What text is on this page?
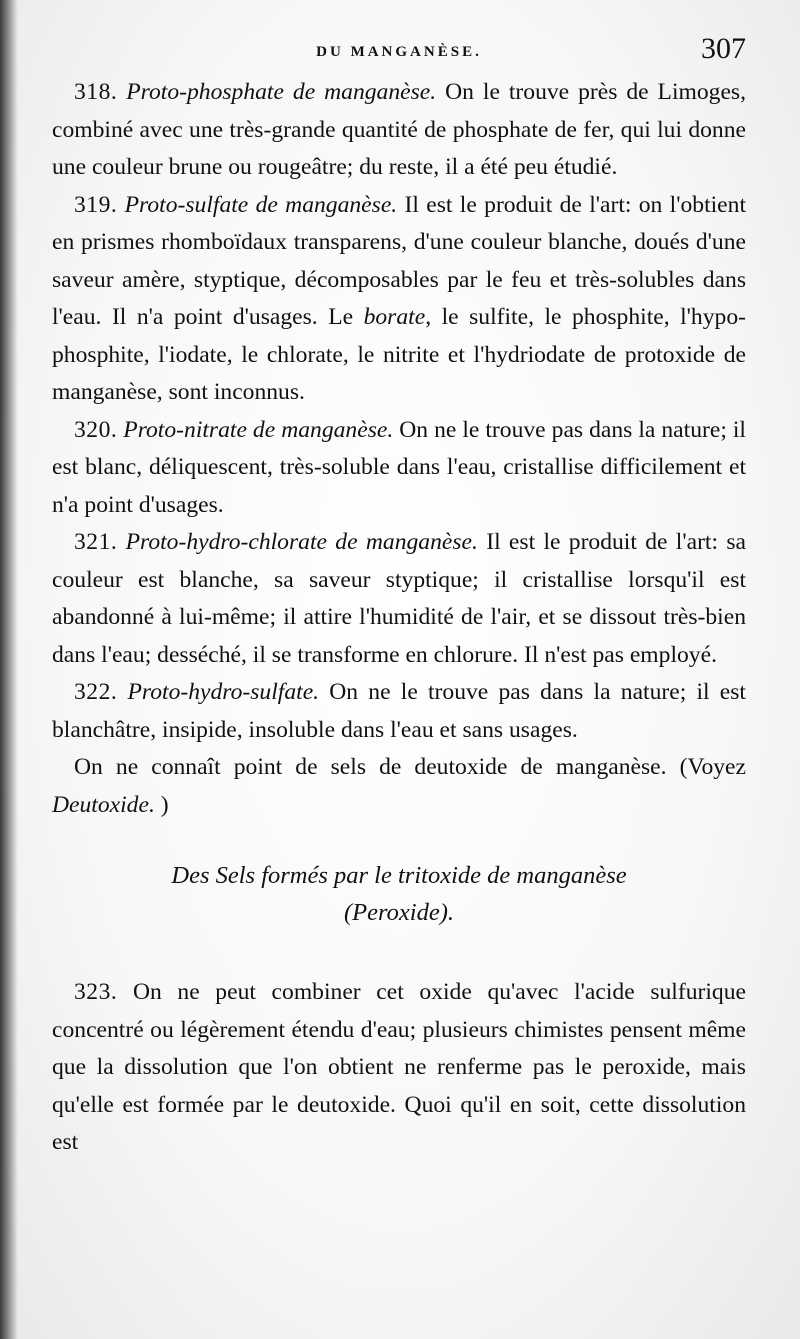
DU MANGANÈSE.	307

318. Proto-phosphate de manganèse. On le trouve près de Limoges, combiné avec une très-grande quantité de phosphate de fer, qui lui donne une couleur brune ou rougeâtre; du reste, il a été peu étudié.

319. Proto-sulfate de manganèse. Il est le produit de l'art: on l'obtient en prismes rhomboïdaux transparens, d'une couleur blanche, doués d'une saveur amère, styptique, décomposables par le feu et très-solubles dans l'eau. Il n'a point d'usages. Le borate, le sulfite, le phosphite, l'hypo-phosphite, l'iodate, le chlorate, le nitrite et l'hydriodate de protoxide de manganèse, sont inconnus.

320. Proto-nitrate de manganèse. On ne le trouve pas dans la nature; il est blanc, déliquescent, très-soluble dans l'eau, cristallise difficilement et n'a point d'usages.

321. Proto-hydro-chlorate de manganèse. Il est le produit de l'art: sa couleur est blanche, sa saveur styptique; il cristallise lorsqu'il est abandonné à lui-même; il attire l'humidité de l'air, et se dissout très-bien dans l'eau; desséché, il se transforme en chlorure. Il n'est pas employé.

322. Proto-hydro-sulfate. On ne le trouve pas dans la nature; il est blanchâtre, insipide, insoluble dans l'eau et sans usages.

On ne connaît point de sels de deutoxide de manganèse. (Voyez Deutoxide. )

Des Sels formés par le tritoxide de manganèse
(Peroxide).

323. On ne peut combiner cet oxide qu'avec l'acide sulfurique concentré ou légèrement étendu d'eau; plusieurs chimistes pensent même que la dissolution que l'on obtient ne renferme pas le peroxide, mais qu'elle est formée par le deutoxide. Quoi qu'il en soit, cette dissolution est
